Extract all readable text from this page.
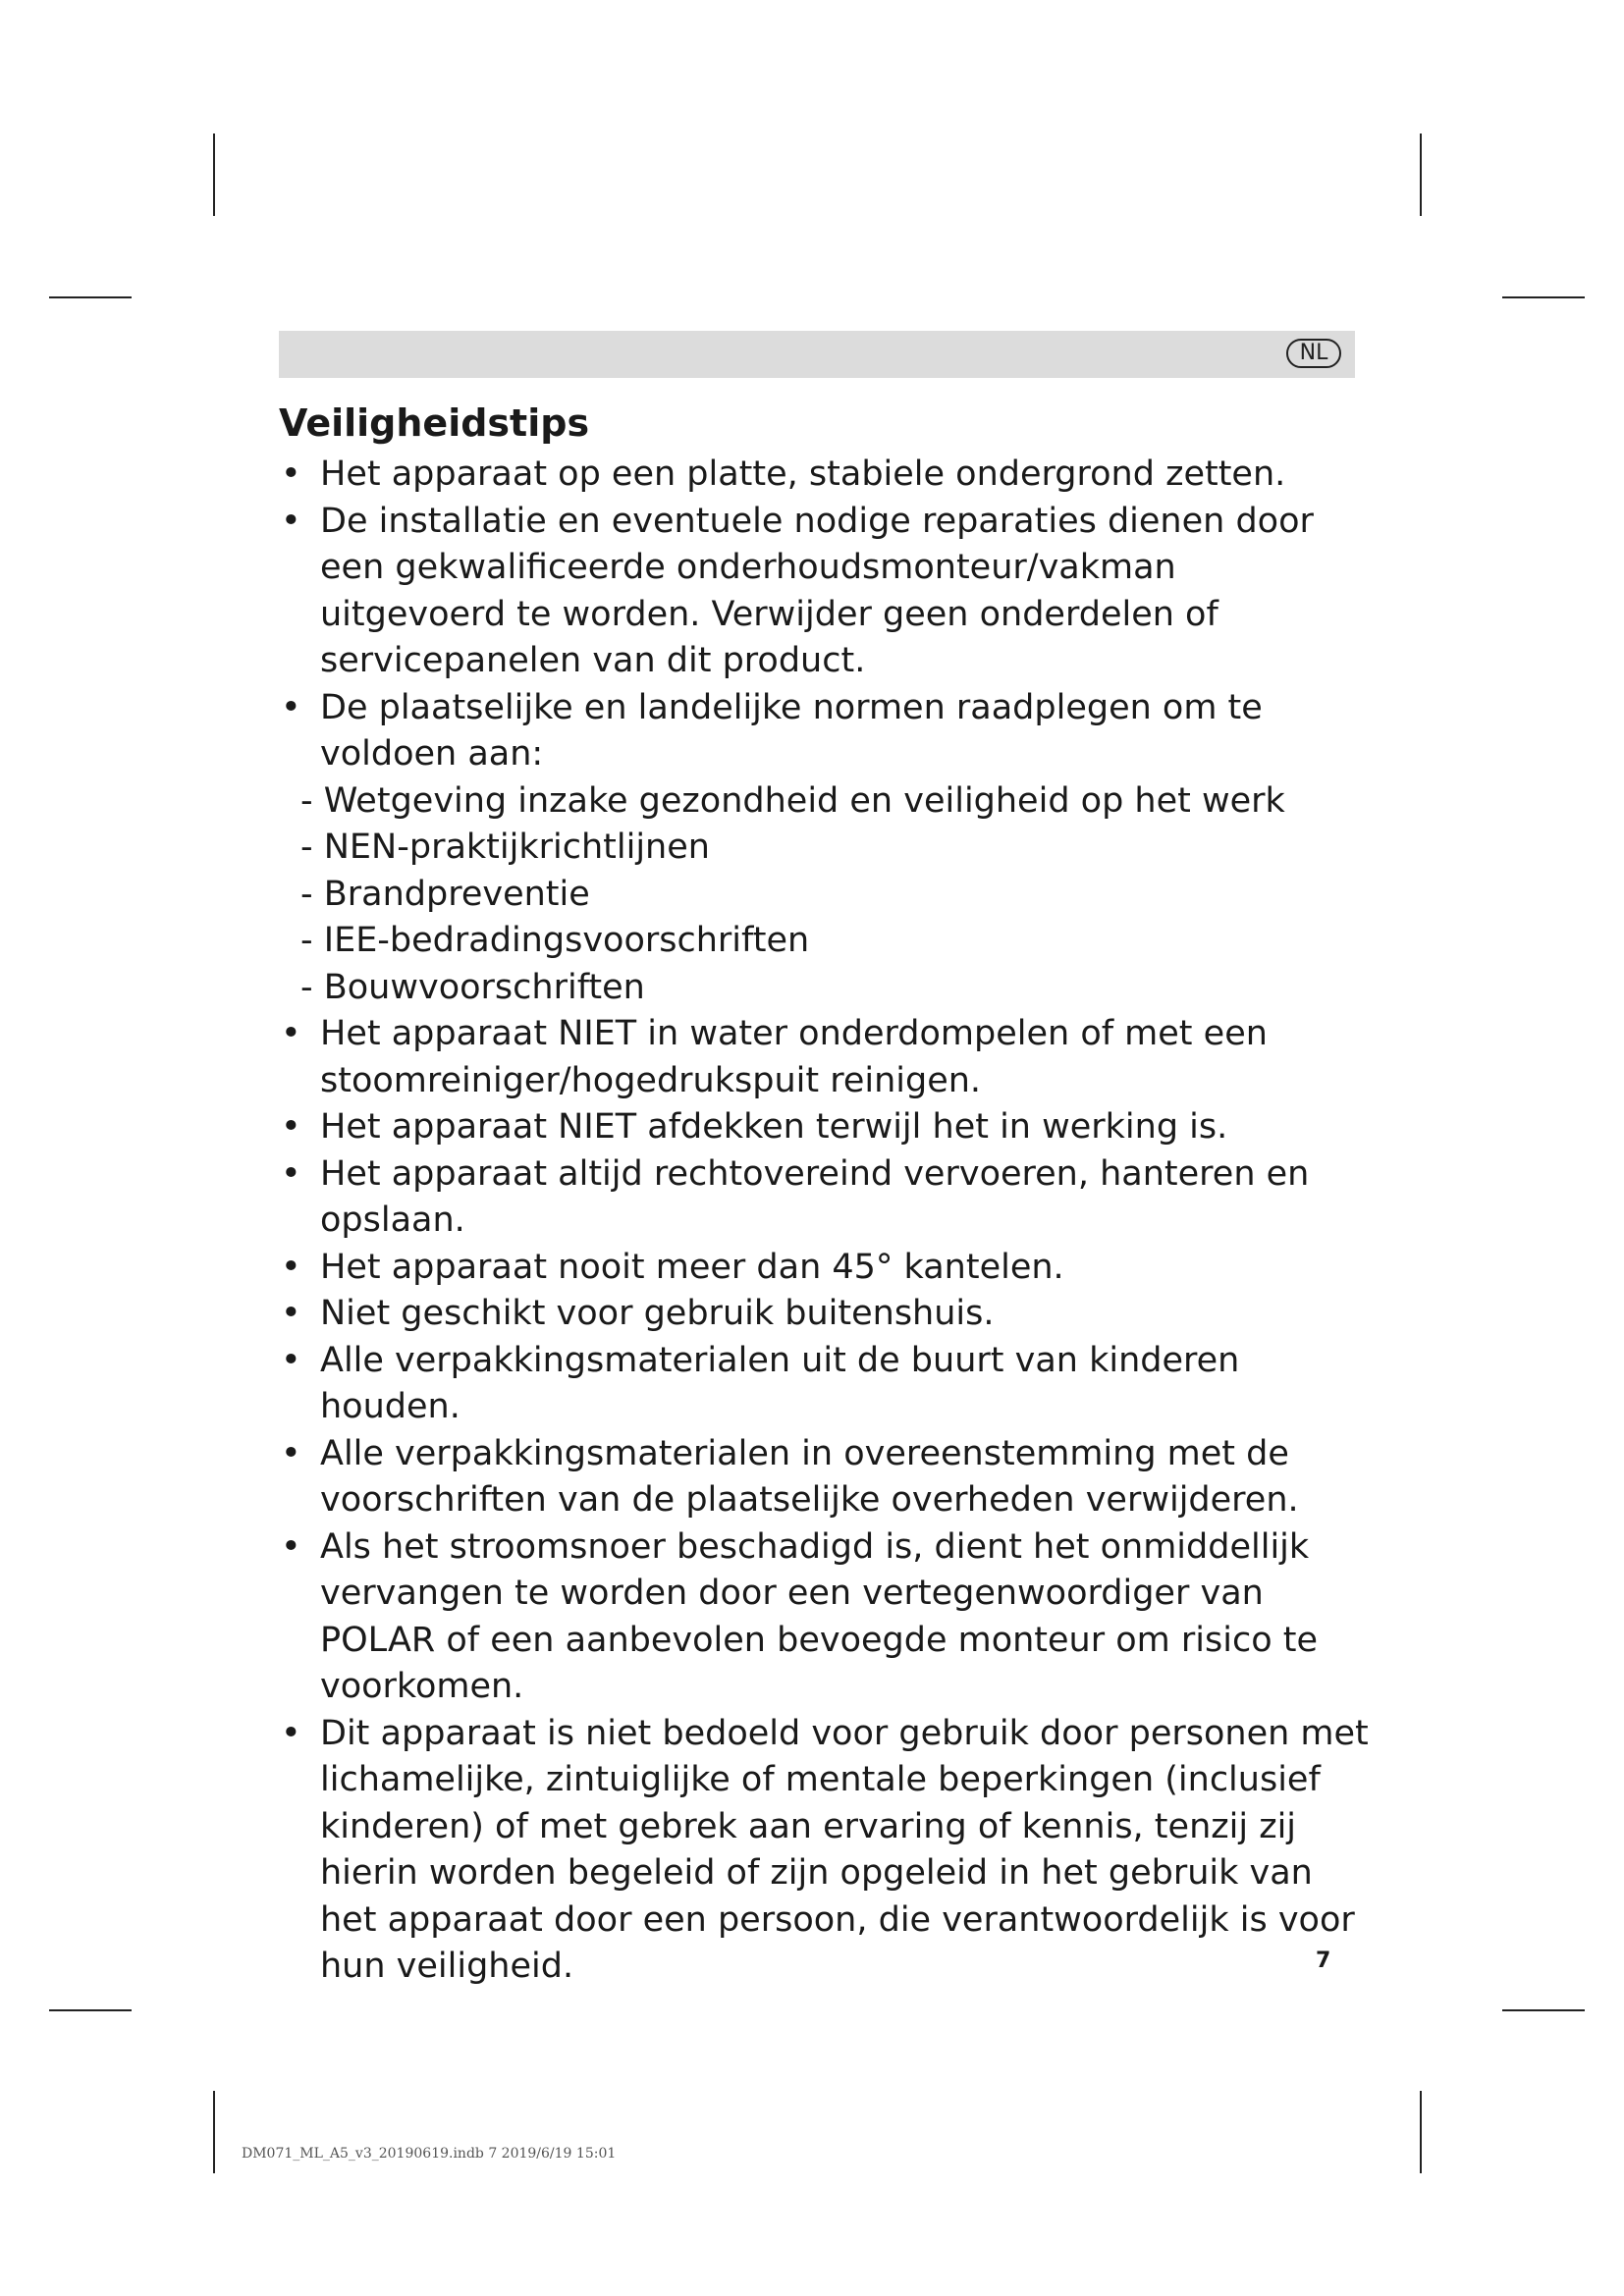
NL
Veiligheidstips
• Het apparaat op een platte, stabiele ondergrond zetten.
• De installatie en eventuele nodige reparaties dienen door een gekwalificeerde onderhoudsmonteur/vakman uitgevoerd te worden. Verwijder geen onderdelen of servicepanelen van dit product.
• De plaatselijke en landelijke normen raadplegen om te voldoen aan:
- Wetgeving inzake gezondheid en veiligheid op het werk
- NEN-praktijkrichtlijnen
- Brandpreventie
- IEE-bedradingsvoorschriften
- Bouwvoorschriften
• Het apparaat NIET in water onderdompelen of met een stoomreiniger/hogedrukspuit reinigen.
• Het apparaat NIET afdekken terwijl het in werking is.
• Het apparaat altijd rechtovereind vervoeren, hanteren en opslaan.
• Het apparaat nooit meer dan 45° kantelen.
• Niet geschikt voor gebruik buitenshuis.
• Alle verpakkingsmaterialen uit de buurt van kinderen houden.
• Alle verpakkingsmaterialen in overeenstemming met de voorschriften van de plaatselijke overheden verwijderen.
• Als het stroomsnoer beschadigd is, dient het onmiddellijk vervangen te worden door een vertegenwoordiger van POLAR of een aanbevolen bevoegde monteur om risico te voorkomen.
• Dit apparaat is niet bedoeld voor gebruik door personen met lichamelijke, zintuiglijke of mentale beperkingen (inclusief kinderen) of met gebrek aan ervaring of kennis, tenzij zij hierin worden begeleid of zijn opgeleid in het gebruik van het apparaat door een persoon, die verantwoordelijk is voor hun veiligheid.	7
DM071_ML_A5_v3_20190619.indb 7 2019/6/19 15:01
